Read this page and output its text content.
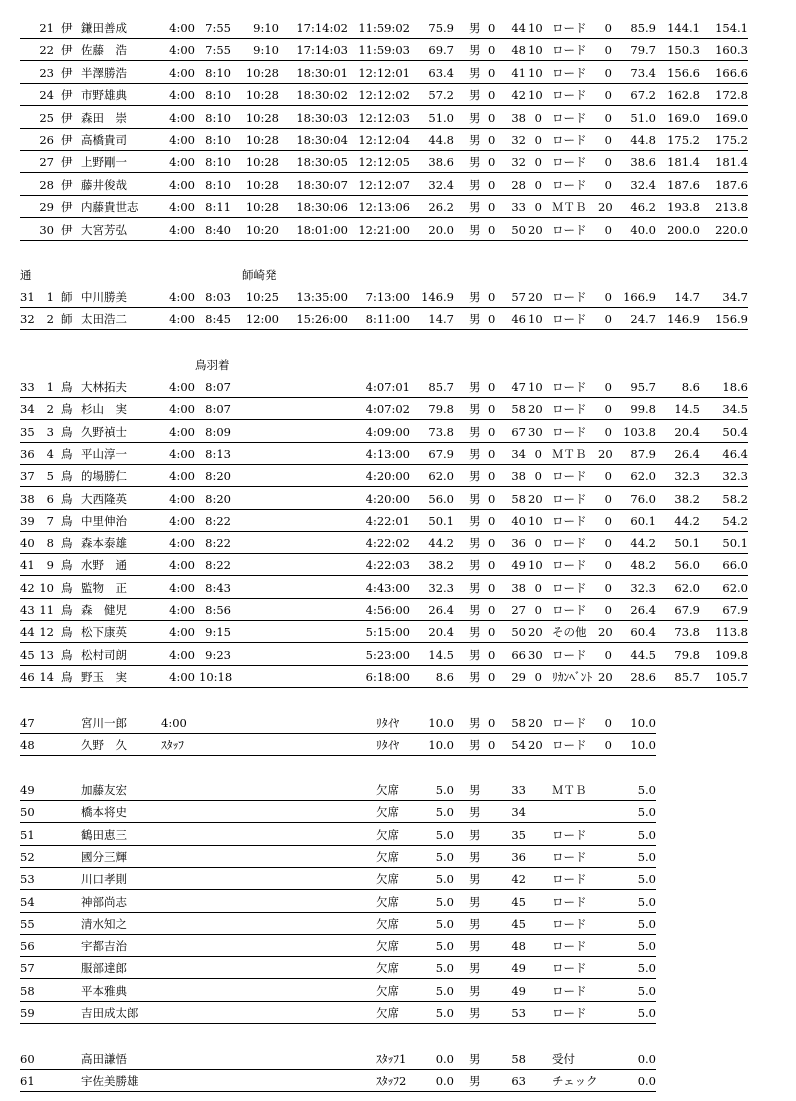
通	師崎発
鳥羽着
21 伊 鎌田善成	4:00 7:55	9:10 17:14:02 11:59:02	75.9 男 0 44 10 ロード	0	85.9 144.1	154.1
22 伊 佐藤　浩	4:00 7:55	9:10 17:14:03 11:59:03	69.7 男 0 48 10 ロード	0	79.7 150.3	160.3
23 伊 半澤勝浩	4:00 8:10 10:28 18:30:01 12:12:01	63.4 男 0 41 10 ロード	0	73.4 156.6	166.6
24 伊 市野雄典	4:00 8:10 10:28 18:30:02 12:12:02	57.2 男 0 42 10 ロード	0	67.2 162.8	172.8
25 伊 森田　崇	4:00 8:10 10:28 18:30:03 12:12:03	51.0 男 0 38 0 ロード	0	51.0 169.0	169.0
26 伊 高橋貴司	4:00 8:10 10:28 18:30:04 12:12:04	44.8 男 0 32 0 ロード	0	44.8 175.2	175.2
27 伊 上野剛一	4:00 8:10 10:28 18:30:05 12:12:05	38.6 男 0 32 0 ロード	0	38.6 181.4	181.4
28 伊 藤井俊哉	4:00 8:10 10:28 18:30:07 12:12:07	32.4 男 0 28 0 ロード	0	32.4 187.6	187.6
29 伊 内藤貴世志	4:00 8:11 10:28 18:30:06 12:13:06	26.2 男 0 33 0 ＭＴＢ	20	46.2 193.8	213.8
30 伊 大宮芳弘	4:00 8:40 10:20 18:01:00 12:21:00	20.0 男 0 50 20 ロード	0	40.0 200.0	220.0
31	1 師 中川勝美	4:00 8:03 10:25 13:35:00	7:13:00 146.9 男 0 57 20 ロード	0 166.9	14.7	34.7
32	2 師 太田浩二	4:00 8:45 12:00 15:26:00	8:11:00	14.7 男 0 46 10 ロード	0	24.7 146.9	156.9
33	1 鳥 大林拓夫	4:00 8:07	4:07:01	85.7 男 0 47 10 ロード	0	95.7	8.6	18.6
34	2 鳥 杉山　実	4:00 8:07	4:07:02	79.8 男 0 58 20 ロード	0	99.8	14.5	34.5
35	3 鳥 久野禎士	4:00 8:09	4:09:00	73.8 男 0 67 30 ロード	0 103.8	20.4	50.4
36	4 鳥 平山淳一	4:00 8:13	4:13:00	67.9 男 0 34 0 ＭＴＢ	20	87.9	26.4	46.4
37	5 鳥 的場勝仁	4:00 8:20	4:20:00	62.0 男 0 38 0 ロード	0	62.0	32.3	32.3
38	6 鳥 大西隆英	4:00 8:20	4:20:00	56.0 男 0 58 20 ロード	0	76.0	38.2	58.2
39	7 鳥 中里伸治	4:00 8:22	4:22:01	50.1 男 0 40 10 ロード	0	60.1	44.2	54.2
40	8 鳥 森本泰雄	4:00 8:22	4:22:02	44.2 男 0 36 0 ロード	0	44.2	50.1	50.1
41	9 鳥 水野　通	4:00 8:22	4:22:03	38.2 男 0 49 10 ロード	0	48.2	56.0	66.0
42 10 鳥 監物　正	4:00 8:43	4:43:00	32.3 男 0 38 0 ロード	0	32.3	62.0	62.0
43 11 鳥 森　健児	4:00 8:56	4:56:00	26.4 男 0 27 0 ロード	0	26.4	67.9	67.9
44 12 鳥 松下康英	4:00 9:15	5:15:00	20.4 男 0 50 20 その他	20	60.4	73.8	113.8
45 13 鳥 松村司朗	4:00 9:23	5:23:00	14.5 男 0 66 30 ロード	0	44.5	79.8	109.8
46 14 鳥 野玉　実	4:00 10:18	6:18:00	8.6 男 0 29 0 ﾘｶﾝﾍﾞﾝﾄ 20	28.6	85.7	105.7
47	宮川一郎	4:00	ﾘﾀｲﾔ	10.0 男 0 58 20 ロード	0	10.0
48	久野　久	ｽﾀｯﾌ	ﾘﾀｲﾔ	10.0 男 0 54 20 ロード	0	10.0
49	加藤友宏	欠席	5.0 男	33 ＭＴＢ	5.0
50	橋本将史	欠席	5.0 男	34	5.0
51	鶴田恵三	欠席	5.0 男	35 ロード	5.0
52	國分三輝	欠席	5.0 男	36 ロード	5.0
53	川口孝則	欠席	5.0 男	42 ロード	5.0
54	神部尚志	欠席	5.0 男	45 ロード	5.0
55	清水知之	欠席	5.0 男	45 ロード	5.0
56	宇都吉治	欠席	5.0 男	48 ロード	5.0
57	服部達郎	欠席	5.0 男	49 ロード	5.0
58	平本雅典	欠席	5.0 男	49 ロード	5.0
59	吉田成太郎	欠席	5.0 男	53 ロード	5.0
60	高田謙悟	ｽﾀｯﾌ1	0.0 男	58 受付	0.0
61	宇佐美勝雄	ｽﾀｯﾌ2	0.0 男	63 チェック	0.0
